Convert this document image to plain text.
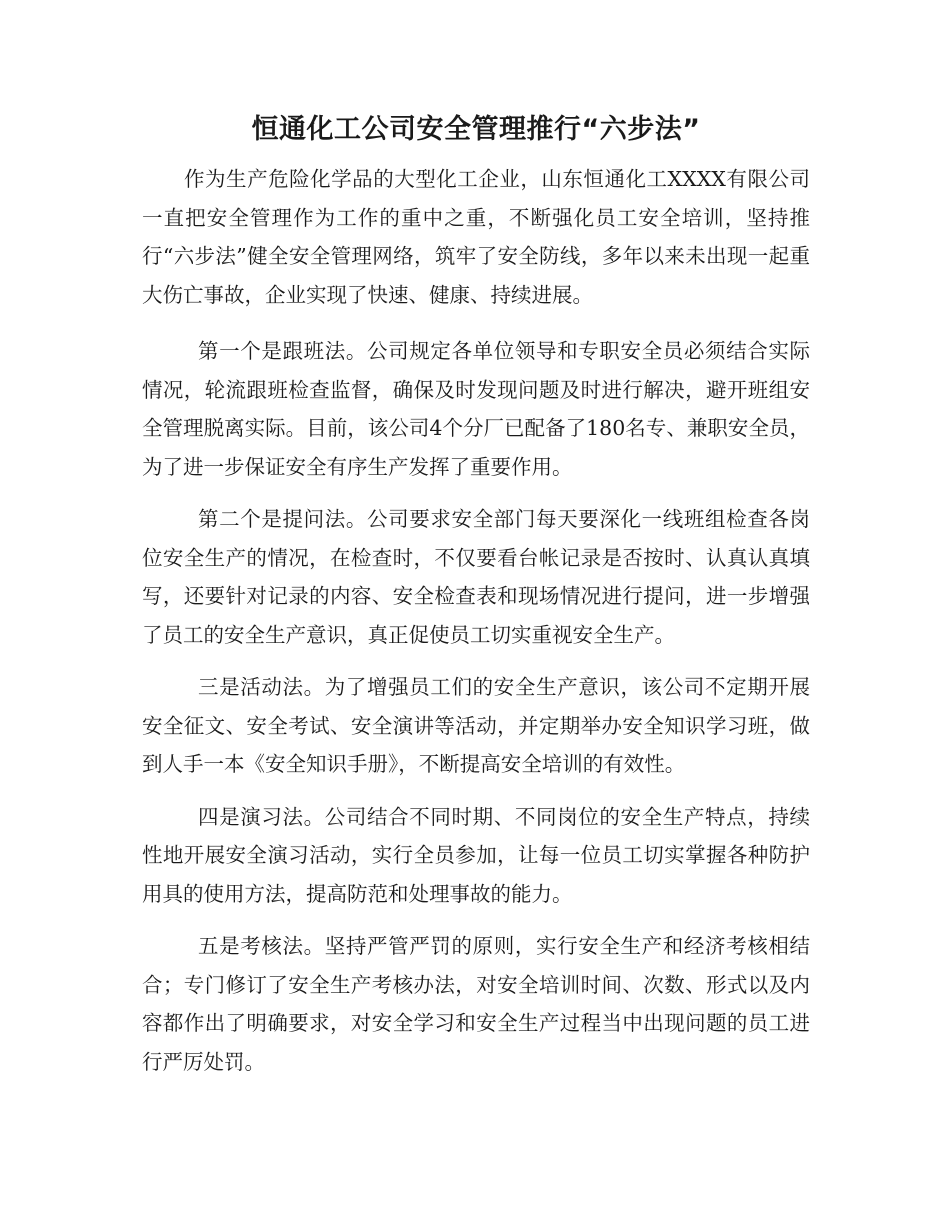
恒通化工公司安全管理推行“六步法”

作为生产危险化学品的大型化工企业，山东恒通化工XXXX有限公司一直把安全管理作为工作的重中之重，不断强化员工安全培训，坚持推行“六步法”健全安全管理网络，筑牢了安全防线，多年以来未出现一起重大伤亡事故，企业实现了快速、健康、持续进展。

第一个是跟班法。公司规定各单位领导和专职安全员必须结合实际情况，轮流跟班检查监督，确保及时发现问题及时进行解决，避开班组安全管理脱离实际。目前，该公司4个分厂已配备了180名专、兼职安全员，为了进一步保证安全有序生产发挥了重要作用。

第二个是提问法。公司要求安全部门每天要深化一线班组检查各岗位安全生产的情况，在检查时，不仅要看台帐记录是否按时、认真认真填写，还要针对记录的内容、安全检查表和现场情况进行提问，进一步增强了员工的安全生产意识，真正促使员工切实重视安全生产。

三是活动法。为了增强员工们的安全生产意识，该公司不定期开展安全征文、安全考试、安全演讲等活动，并定期举办安全知识学习班，做到人手一本《安全知识手册》，不断提高安全培训的有效性。

四是演习法。公司结合不同时期、不同岗位的安全生产特点，持续性地开展安全演习活动，实行全员参加，让每一位员工切实掌握各种防护用具的使用方法，提高防范和处理事故的能力。

五是考核法。坚持严管严罚的原则，实行安全生产和经济考核相结合；专门修订了安全生产考核办法，对安全培训时间、次数、形式以及内容都作出了明确要求，对安全学习和安全生产过程当中出现问题的员工进行严厉处罚。
